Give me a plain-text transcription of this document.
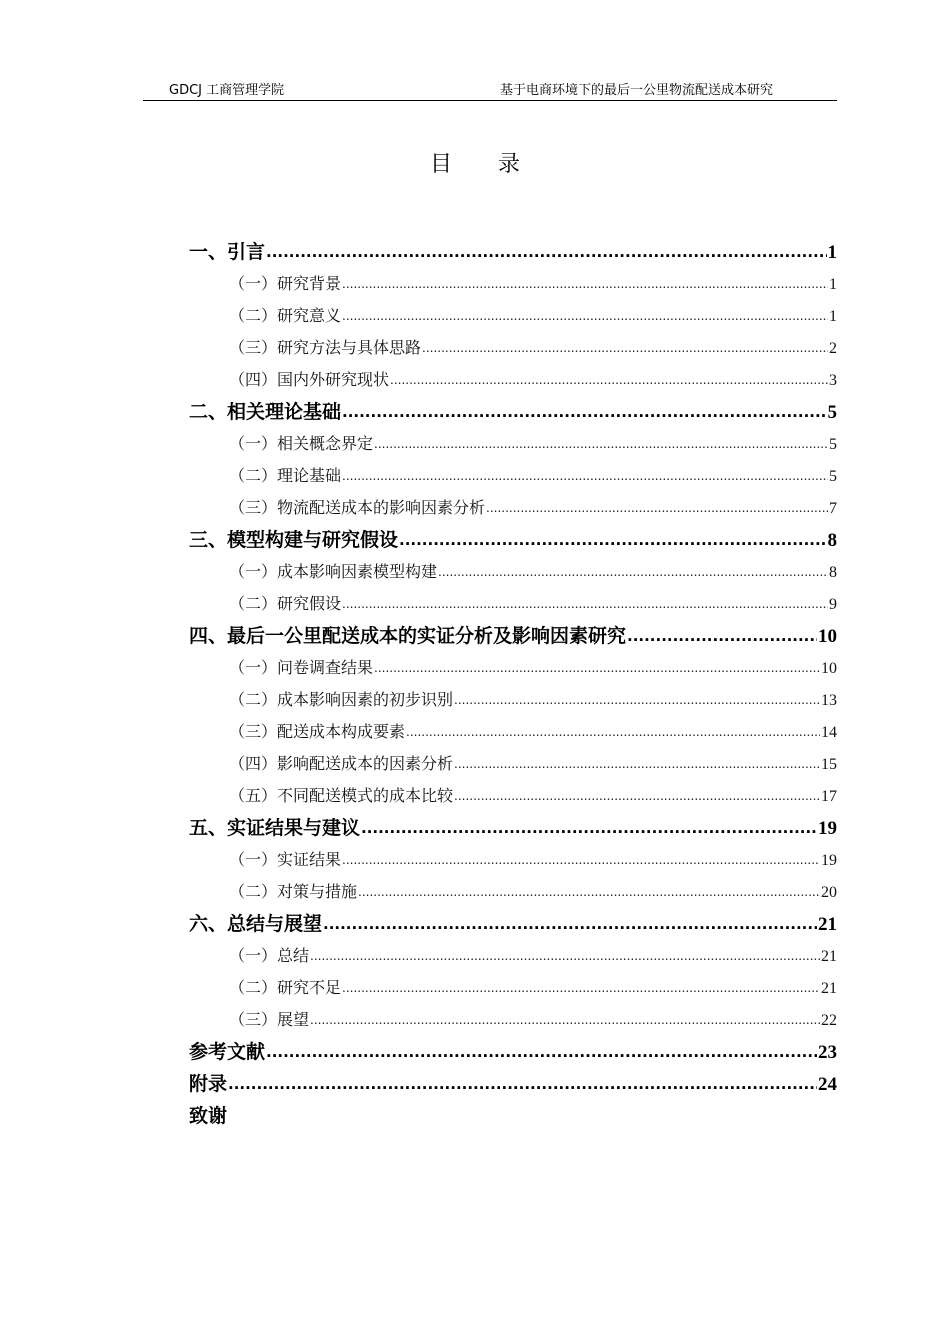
GDCJ 工商管理学院	基于电商环境下的最后一公里物流配送成本研究
目 录
一、引言 .....	1
（一）研究背景 .....	1
（二）研究意义 .....	1
（三）研究方法与具体思路 .....	2
（四）国内外研究现状 .....	3
二、相关理论基础 .....	5
（一）相关概念界定 .....	5
（二）理论基础 .....	5
（三）物流配送成本的影响因素分析 .....	7
三、模型构建与研究假设 .....	8
（一）成本影响因素模型构建 .....	8
（二）研究假设 .....	9
四、最后一公里配送成本的实证分析及影响因素研究 .....	10
（一）问卷调查结果 .....	10
（二）成本影响因素的初步识别 .....	13
（三）配送成本构成要素 .....	14
（四）影响配送成本的因素分析 .....	15
（五）不同配送模式的成本比较 .....	17
五、实证结果与建议 .....	19
（一）实证结果 .....	19
（二）对策与措施 .....	20
六、总结与展望 .....	21
（一）总结 .....	21
（二）研究不足 .....	21
（三）展望 .....	22
参考文献 .....	23
附录 .....	24
致谢
